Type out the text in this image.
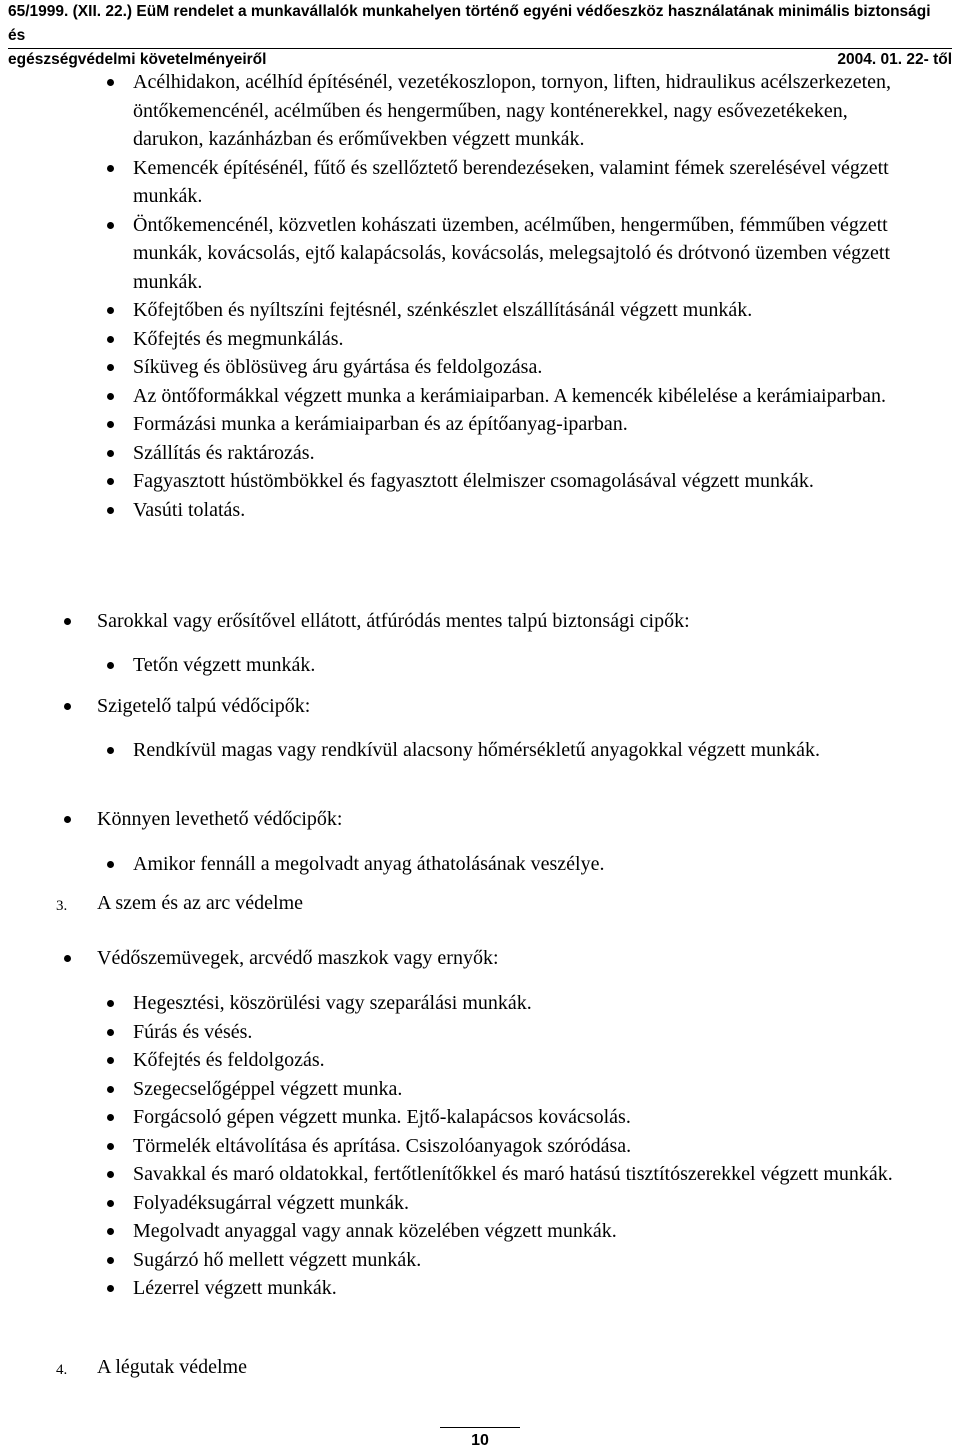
65/1999. (XII. 22.) EüM rendelet a munkavállalók munkahelyen történő egyéni védőeszköz használatának minimális biztonsági és
egészségvédelmi követelményeiről	2004. 01. 22- től
Acélhidakon, acélhíd építésénél, vezetékoszlopon, tornyon, liften, hidraulikus acélszerkezeten, öntőkemencénél, acélműben és hengerműben, nagy konténerekkel, nagy esővezetékeken, darukon, kazánházban és erőművekben végzett munkák.
Kemencék építésénél, fűtő és szellőztető berendezéseken, valamint fémek szerelésével végzett munkák.
Öntőkemencénél, közvetlen kohászati üzemben, acélműben, hengerműben, fémműben végzett munkák, kovácsolás, ejtő kalapácsolás, kovácsolás, melegsajtoló és drótvonó üzemben végzett munkák.
Kőfejtőben és nyíltszíni fejtésnél, szénkészlet elszállításánál végzett munkák.
Kőfejtés és megmunkálás.
Síküveg és öblösüveg áru gyártása és feldolgozása.
Az öntőformákkal végzett munka a kerámiaiparban. A kemencék kibélelése a kerámiaiparban.
Formázási munka a kerámiaiparban és az építőanyag-iparban.
Szállítás és raktározás.
Fagyasztott hústömbökkel és fagyasztott élelmiszer csomagolásával végzett munkák.
Vasúti tolatás.
Sarokkal vagy erősítővel ellátott, átfúródás mentes talpú biztonsági cipők:
Tetőn végzett munkák.
Szigetelő talpú védőcipők:
Rendkívül magas vagy rendkívül alacsony hőmérsékletű anyagokkal végzett munkák.
Könnyen levethető védőcipők:
Amikor fennáll a megolvadt anyag áthatolásának veszélye.
3. A szem és az arc védelme
Védőszemüvegek, arcvédő maszkok vagy ernyők:
Hegesztési, köszörülési vagy szeparálási munkák.
Fúrás és vésés.
Kőfejtés és feldolgozás.
Szegecselőgéppel végzett munka.
Forgácsoló gépen végzett munka. Ejtő-kalapácsos kovácsolás.
Törmelék eltávolítása és aprítása. Csiszolóanyagok szóródása.
Savakkal és maró oldatokkal, fertőtlenítőkkel és maró hatású tisztítószerekkel végzett munkák.
Folyadéksugárral végzett munkák.
Megolvadt anyaggal vagy annak közelében végzett munkák.
Sugárzó hő mellett végzett munkák.
Lézerrel végzett munkák.
4. A légutak védelme
10
